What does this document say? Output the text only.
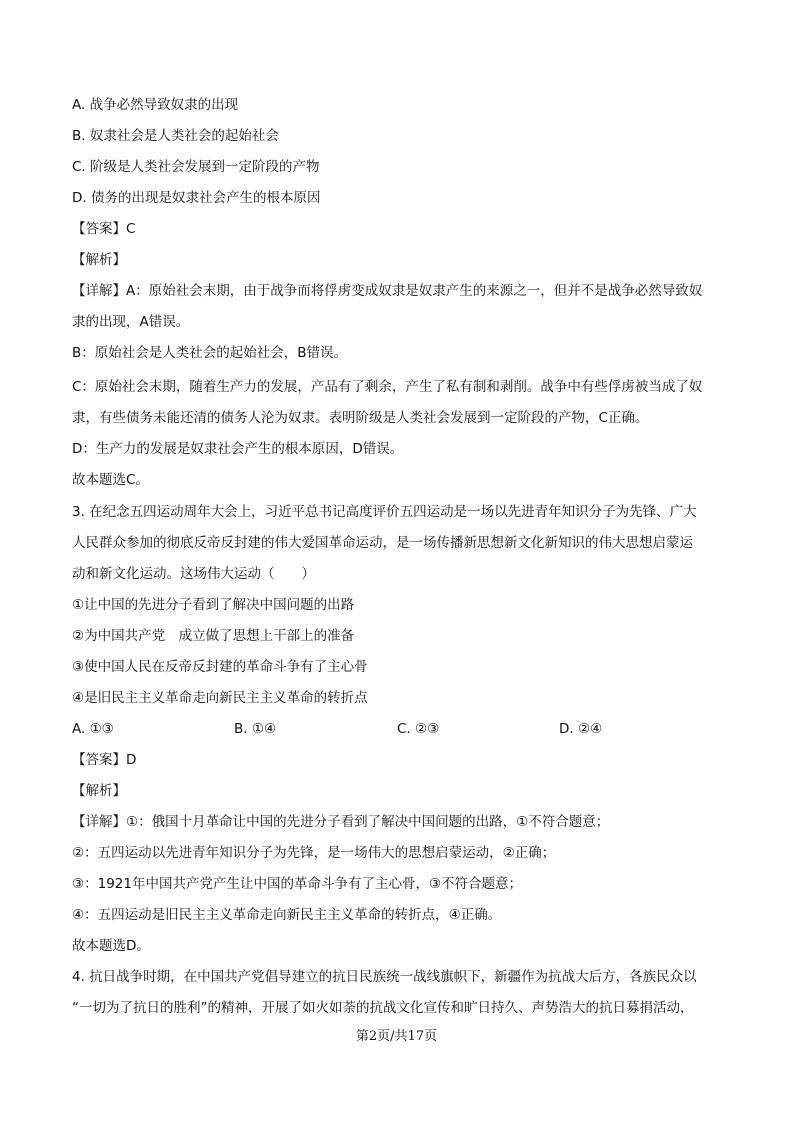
A. 战争必然导致奴隶的出现
B. 奴隶社会是人类社会的起始社会
C. 阶级是人类社会发展到一定阶段的产物
D. 债务的出现是奴隶社会产生的根本原因
【答案】C
【解析】
【详解】A：原始社会末期，由于战争而将俘虏变成奴隶是奴隶产生的来源之一，但并不是战争必然导致奴
隶的出现，A错误。
B：原始社会是人类社会的起始社会，B错误。
C：原始社会末期，随着生产力的发展，产品有了剩余，产生了私有制和剥削。战争中有些俘虏被当成了奴
隶，有些债务未能还清的债务人沦为奴隶。表明阶级是人类社会发展到一定阶段的产物，C正确。
D：生产力的发展是奴隶社会产生的根本原因，D错误。
故本题选C。
3. 在纪念五四运动周年大会上，习近平总书记高度评价五四运动是一场以先进青年知识分子为先锋、广大
人民群众参加的彻底反帝反封建的伟大爱国革命运动，是一场传播新思想新文化新知识的伟大思想启蒙运
动和新文化运动。这场伟大运动（　　）
①让中国的先进分子看到了解决中国问题的出路
②为中国共产党　成立做了思想上干部上的准备
③使中国人民在反帝反封建的革命斗争有了主心骨
④是旧民主主义革命走向新民主主义革命的转折点
A. ①③	B. ①④	C. ②③	D. ②④
【答案】D
【解析】
【详解】①：俄国十月革命让中国的先进分子看到了解决中国问题的出路，①不符合题意；
②：五四运动以先进青年知识分子为先锋，是一场伟大的思想启蒙运动，②正确；
③：1921年中国共产党产生让中国的革命斗争有了主心骨，③不符合题意；
④：五四运动是旧民主主义革命走向新民主主义革命的转折点，④正确。
故本题选D。
4. 抗日战争时期，在中国共产党倡导建立的抗日民族统一战线旗帜下，新疆作为抗战大后方，各族民众以
“一切为了抗日的胜利”的精神，开展了如火如荼的抗战文化宣传和旷日持久、声势浩大的抗日募捐活动，
第2页/共17页
